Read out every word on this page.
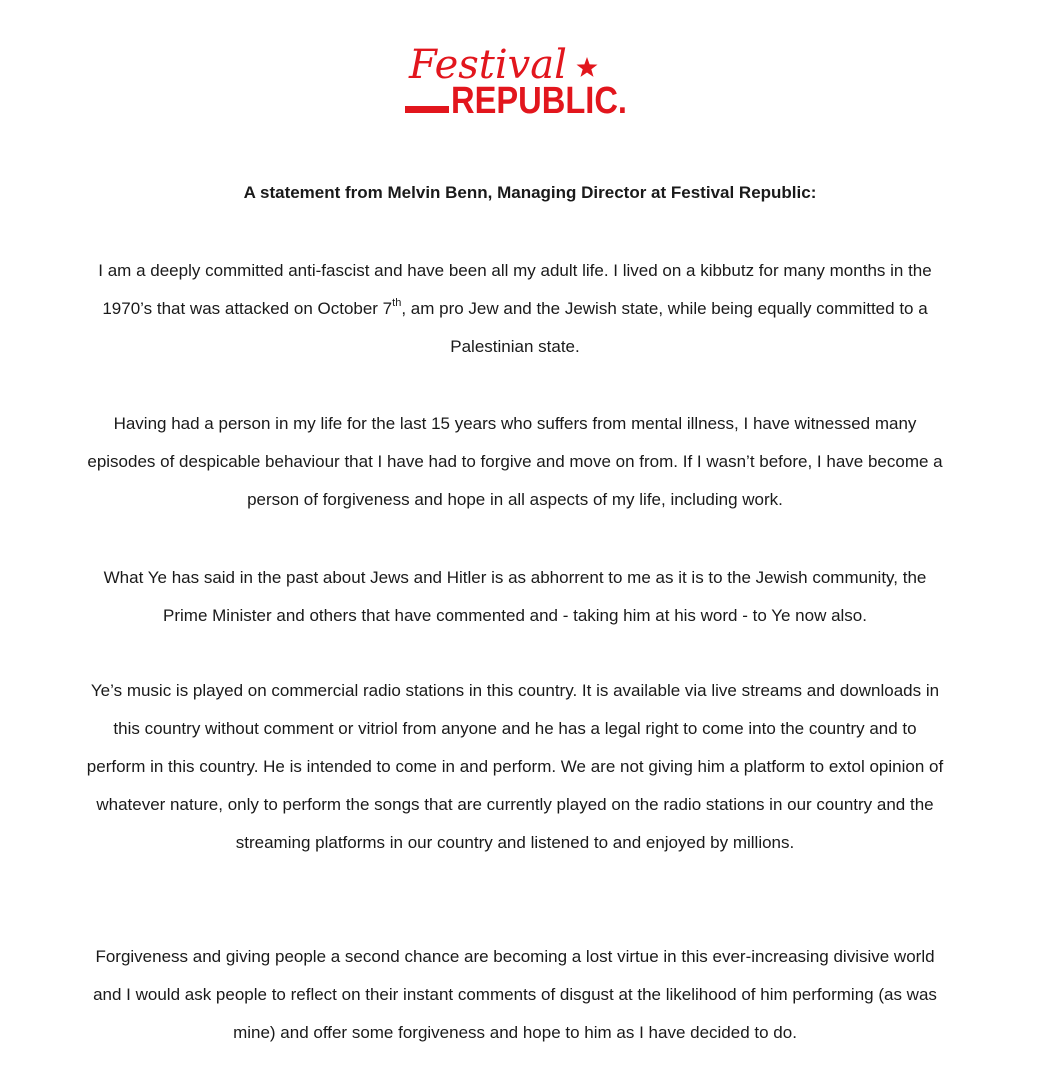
Festival
REPUBLIC.
A statement from Melvin Benn, Managing Director at Festival Republic:

I am a deeply committed anti-fascist and have been all my adult life. I lived on a kibbutz for many months in the 1970’s that was attacked on October 7th, am pro Jew and the Jewish state, while being equally committed to a Palestinian state.

Having had a person in my life for the last 15 years who suffers from mental illness, I have witnessed many episodes of despicable behaviour that I have had to forgive and move on from. If I wasn’t before, I have become a person of forgiveness and hope in all aspects of my life, including work.

What Ye has said in the past about Jews and Hitler is as abhorrent to me as it is to the Jewish community, the Prime Minister and others that have commented and - taking him at his word - to Ye now also.

Ye’s music is played on commercial radio stations in this country. It is available via live streams and downloads in this country without comment or vitriol from anyone and he has a legal right to come into the country and to perform in this country. He is intended to come in and perform. We are not giving him a platform to extol opinion of whatever nature, only to perform the songs that are currently played on the radio stations in our country and the streaming platforms in our country and listened to and enjoyed by millions.

Forgiveness and giving people a second chance are becoming a lost virtue in this ever-increasing divisive world and I would ask people to reflect on their instant comments of disgust at the likelihood of him performing (as was mine) and offer some forgiveness and hope to him as I have decided to do.
